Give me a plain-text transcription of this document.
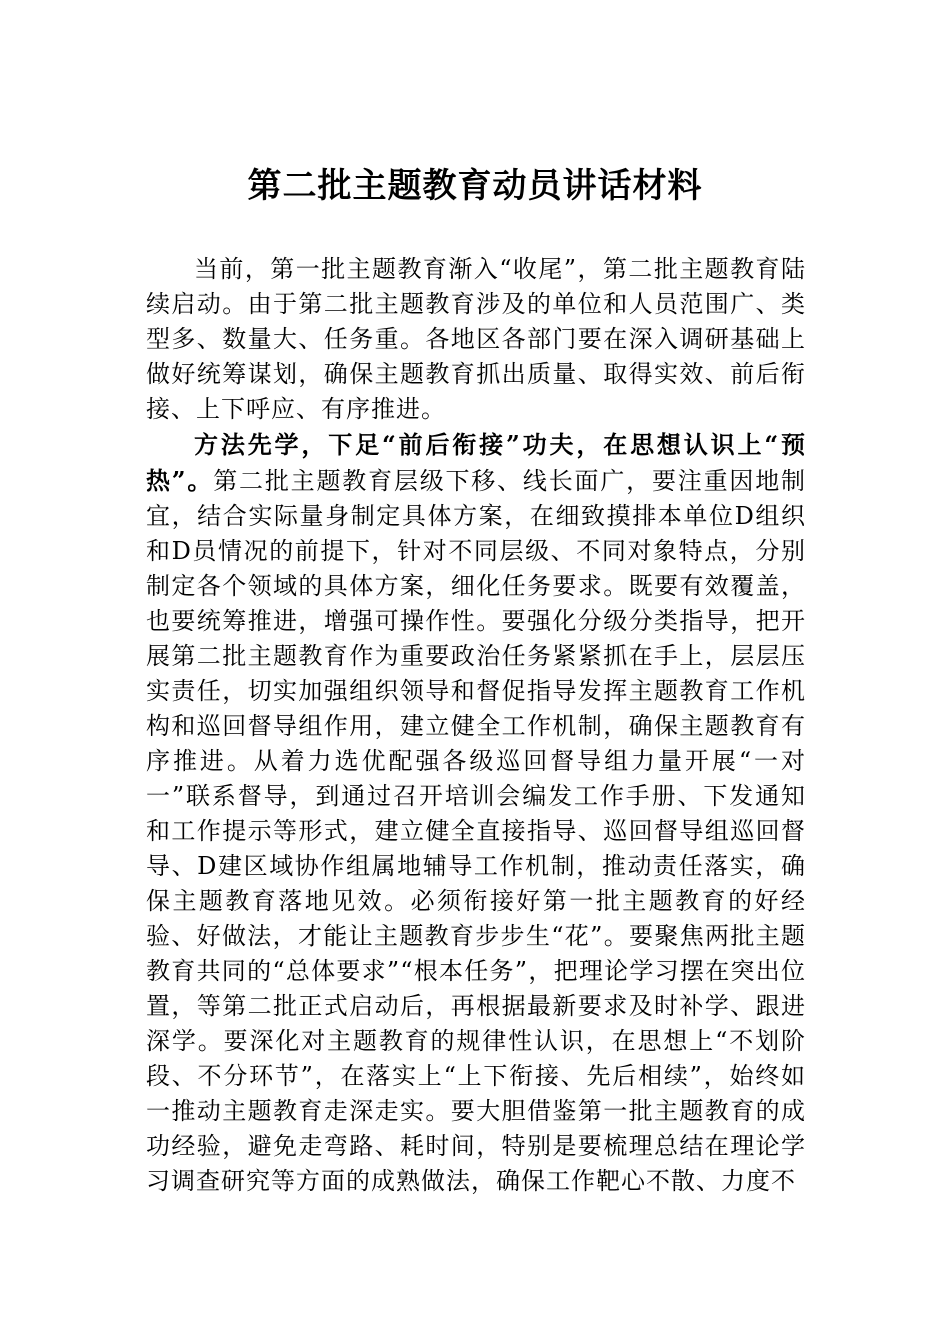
第二批主题教育动员讲话材料

当前，第一批主题教育渐入“收尾”，第二批主题教育陆续启动。由于第二批主题教育涉及的单位和人员范围广、类型多、数量大、任务重。各地区各部门要在深入调研基础上做好统筹谋划，确保主题教育抓出质量、取得实效、前后衔接、上下呼应、有序推进。

方法先学，下足“前后衔接”功夫，在思想认识上“预热”。第二批主题教育层级下移、线长面广，要注重因地制宜，结合实际量身制定具体方案，在细致摸排本单位D组织和D员情况的前提下，针对不同层级、不同对象特点，分别制定各个领域的具体方案，细化任务要求。既要有效覆盖，也要统筹推进，增强可操作性。要强化分级分类指导，把开展第二批主题教育作为重要政治任务紧紧抓在手上，层层压实责任，切实加强组织领导和督促指导发挥主题教育工作机构和巡回督导组作用，建立健全工作机制，确保主题教育有序推进。从着力选优配强各级巡回督导组力量开展“一对一”联系督导，到通过召开培训会编发工作手册、下发通知和工作提示等形式，建立健全直接指导、巡回督导组巡回督导、D建区域协作组属地辅导工作机制，推动责任落实，确保主题教育落地见效。必须衔接好第一批主题教育的好经验、好做法，才能让主题教育步步生“花”。要聚焦两批主题教育共同的“总体要求”“根本任务”，把理论学习摆在突出位置，等第二批正式启动后，再根据最新要求及时补学、跟进深学。要深化对主题教育的规律性认识，在思想上“不划阶段、不分环节”，在落实上“上下衔接、先后相续”，始终如一推动主题教育走深走实。要大胆借鉴第一批主题教育的成功经验，避免走弯路、耗时间，特别是要梳理总结在理论学习调查研究等方面的成熟做法，确保工作靶心不散、力度不
